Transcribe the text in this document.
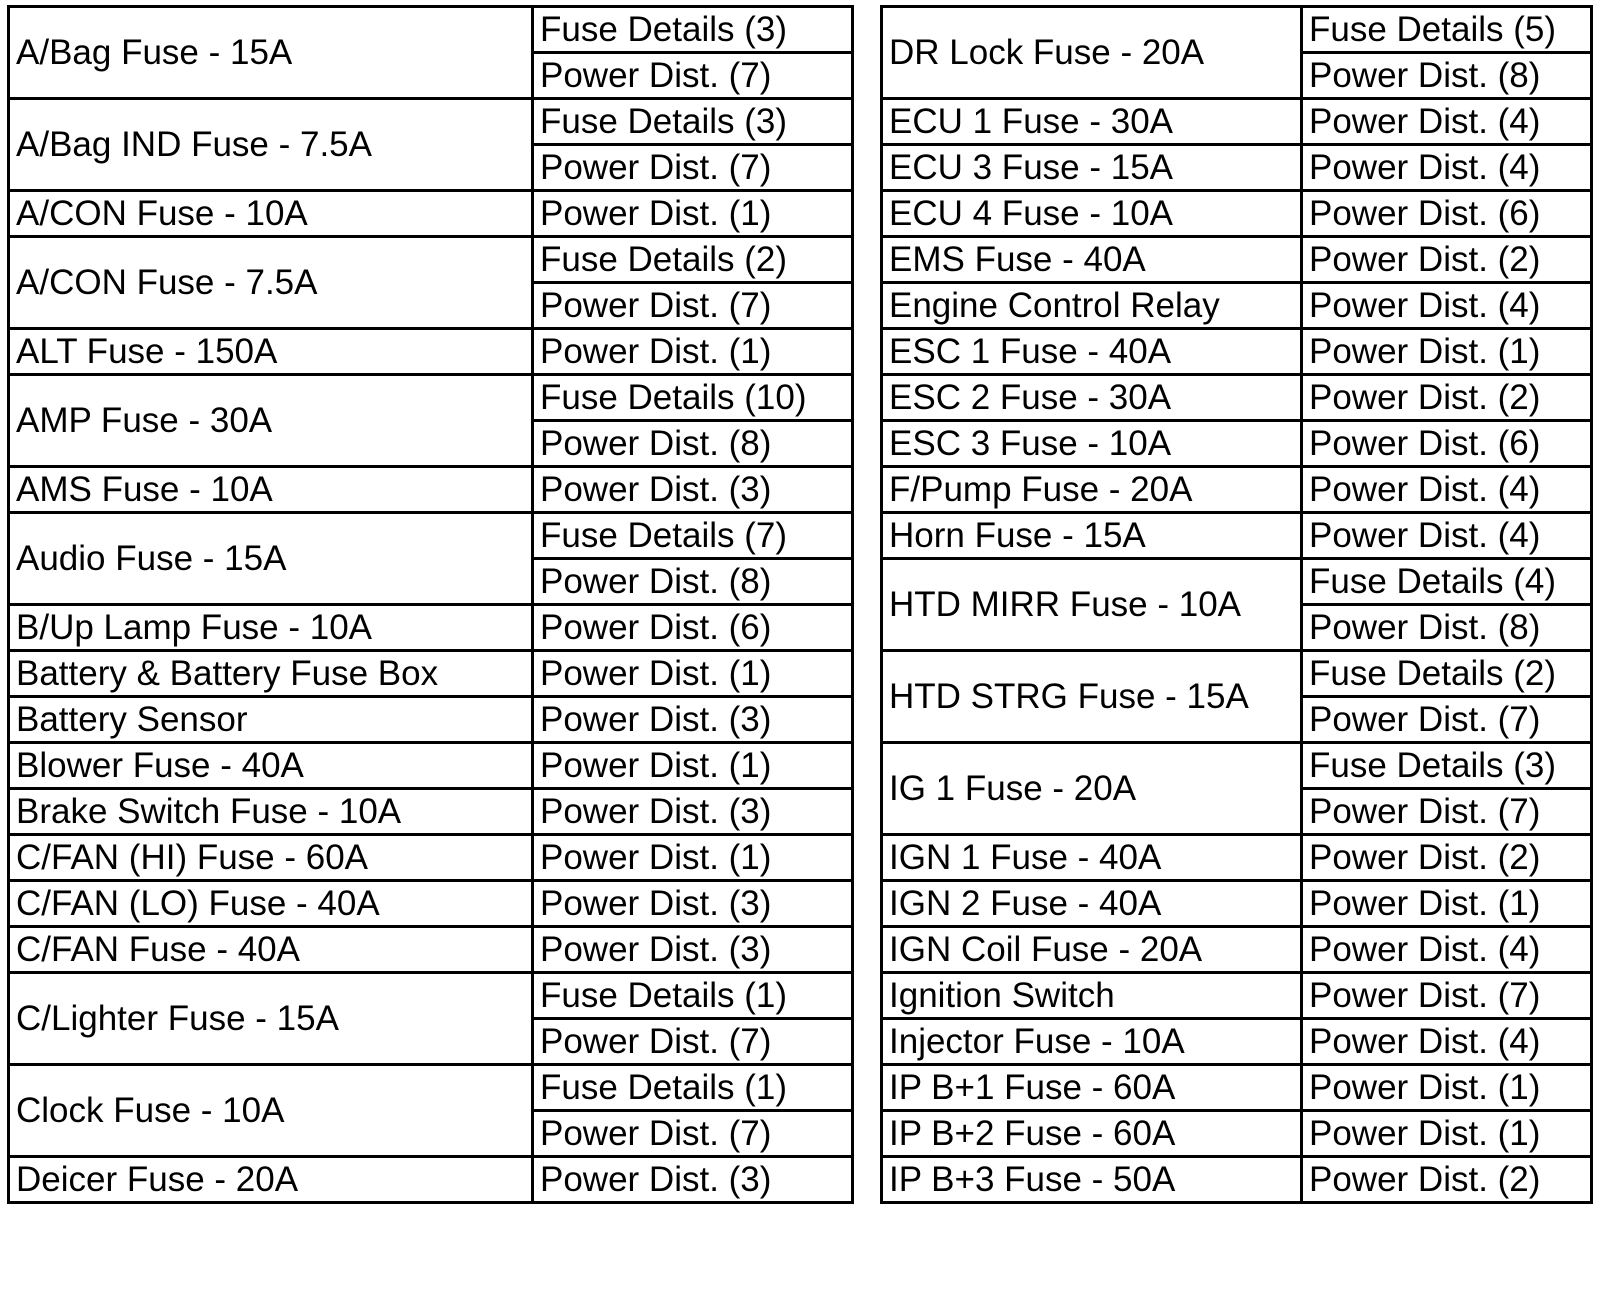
A/Bag Fuse - 15A	Fuse Details (3)
	Power Dist. (7)
A/Bag IND Fuse - 7.5A	Fuse Details (3)
	Power Dist. (7)
A/CON Fuse - 10A	Power Dist. (1)
A/CON Fuse - 7.5A	Fuse Details (2)
	Power Dist. (7)
ALT Fuse - 150A	Power Dist. (1)
AMP Fuse - 30A	Fuse Details (10)
	Power Dist. (8)
AMS Fuse - 10A	Power Dist. (3)
Audio Fuse - 15A	Fuse Details (7)
	Power Dist. (8)
B/Up Lamp Fuse - 10A	Power Dist. (6)
Battery & Battery Fuse Box	Power Dist. (1)
Battery Sensor	Power Dist. (3)
Blower Fuse - 40A	Power Dist. (1)
Brake Switch Fuse - 10A	Power Dist. (3)
C/FAN (HI) Fuse - 60A	Power Dist. (1)
C/FAN (LO) Fuse - 40A	Power Dist. (3)
C/FAN Fuse - 40A	Power Dist. (3)
C/Lighter Fuse - 15A	Fuse Details (1)
	Power Dist. (7)
Clock Fuse - 10A	Fuse Details (1)
	Power Dist. (7)
Deicer Fuse - 20A	Power Dist. (3)
DR Lock Fuse - 20A	Fuse Details (5)
	Power Dist. (8)
ECU 1 Fuse - 30A	Power Dist. (4)
ECU 3 Fuse - 15A	Power Dist. (4)
ECU 4 Fuse - 10A	Power Dist. (6)
EMS Fuse - 40A	Power Dist. (2)
Engine Control Relay	Power Dist. (4)
ESC 1 Fuse - 40A	Power Dist. (1)
ESC 2 Fuse - 30A	Power Dist. (2)
ESC 3 Fuse - 10A	Power Dist. (6)
F/Pump Fuse - 20A	Power Dist. (4)
Horn Fuse - 15A	Power Dist. (4)
HTD MIRR Fuse - 10A	Fuse Details (4)
	Power Dist. (8)
HTD STRG Fuse - 15A	Fuse Details (2)
	Power Dist. (7)
IG 1 Fuse - 20A	Fuse Details (3)
	Power Dist. (7)
IGN 1 Fuse - 40A	Power Dist. (2)
IGN 2 Fuse - 40A	Power Dist. (1)
IGN Coil Fuse - 20A	Power Dist. (4)
Ignition Switch	Power Dist. (7)
Injector Fuse - 10A	Power Dist. (4)
IP B+1 Fuse - 60A	Power Dist. (1)
IP B+2 Fuse - 60A	Power Dist. (1)
IP B+3 Fuse - 50A	Power Dist. (2)
